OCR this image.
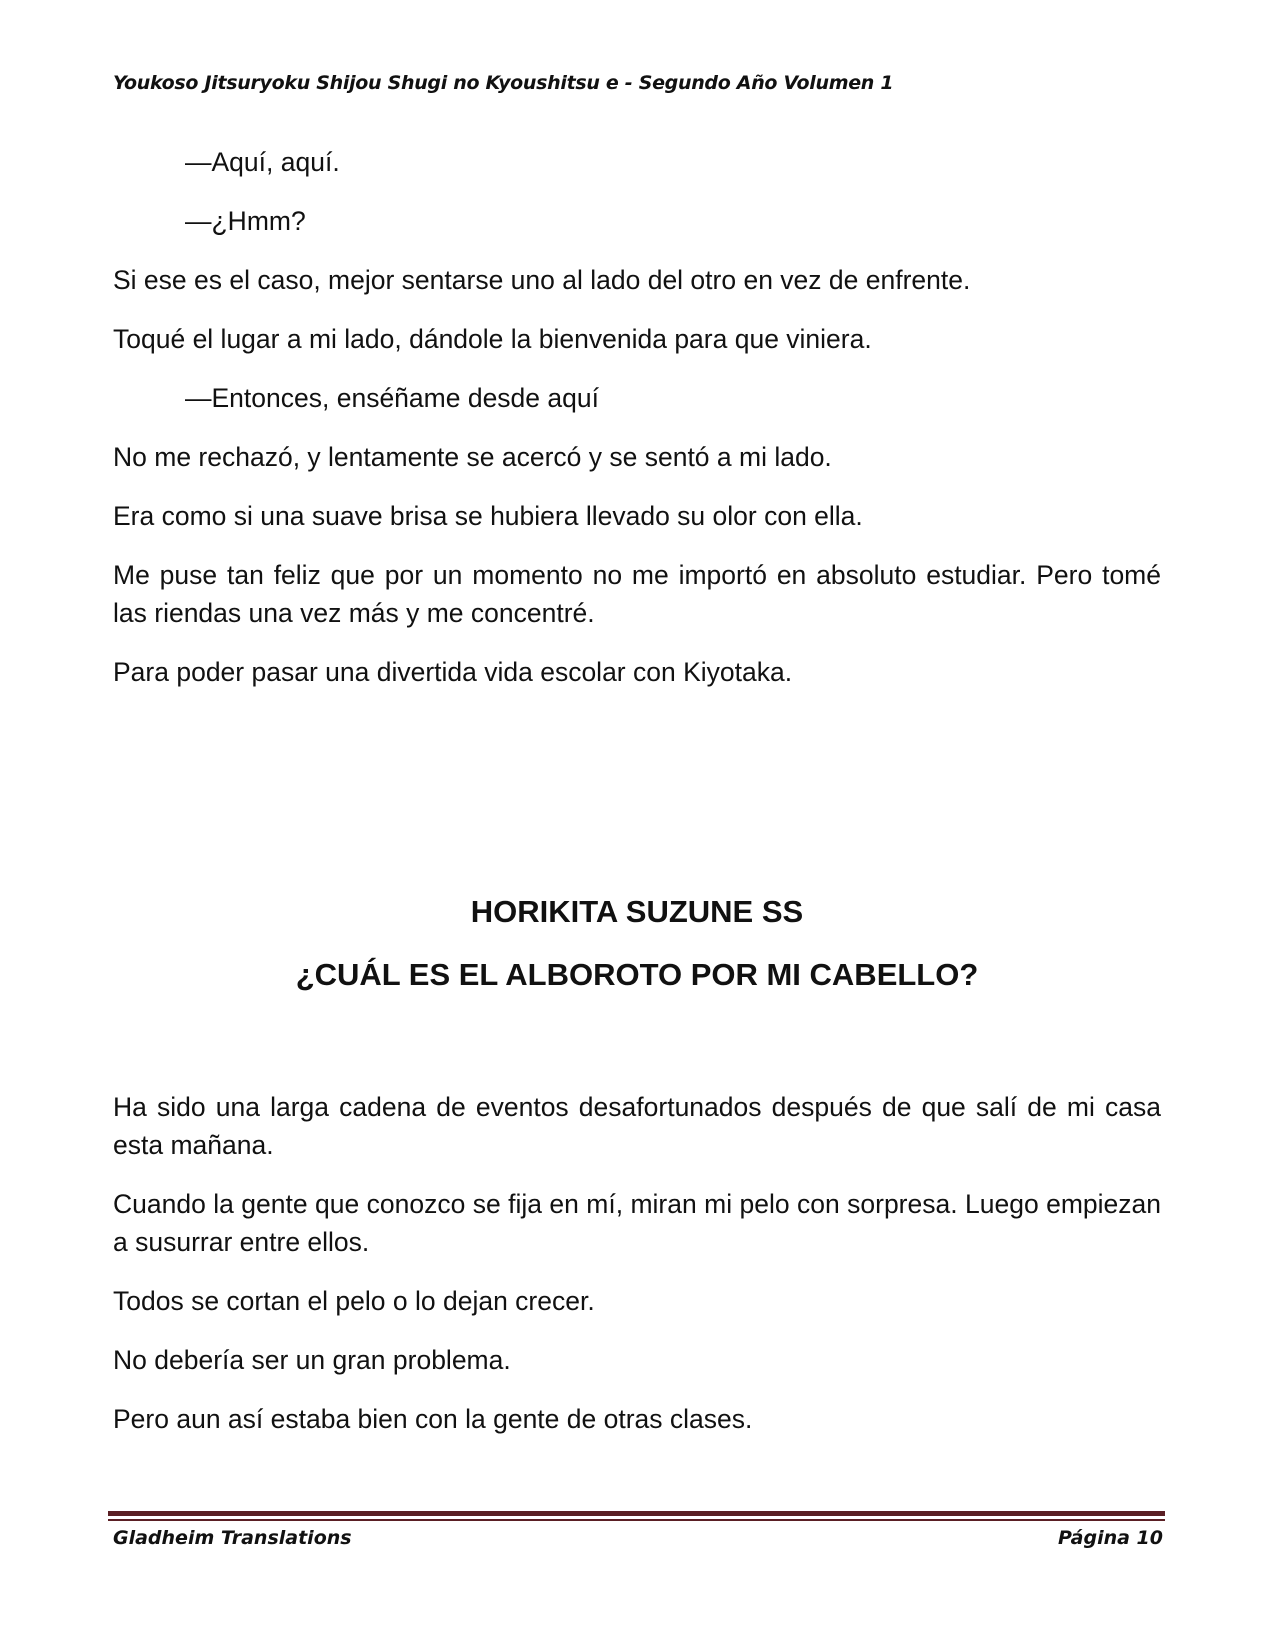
Youkoso Jitsuryoku Shijou Shugi no Kyoushitsu e - Segundo Año Volumen 1

—Aquí, aquí.

—¿Hmm?

Si ese es el caso, mejor sentarse uno al lado del otro en vez de enfrente.

Toqué el lugar a mi lado, dándole la bienvenida para que viniera.

—Entonces, enséñame desde aquí

No me rechazó, y lentamente se acercó y se sentó a mi lado.

Era como si una suave brisa se hubiera llevado su olor con ella.

Me puse tan feliz que por un momento no me importó en absoluto estudiar. Pero tomé las riendas una vez más y me concentré.

Para poder pasar una divertida vida escolar con Kiyotaka.

HORIKITA SUZUNE SS
¿CUÁL ES EL ALBOROTO POR MI CABELLO?

Ha sido una larga cadena de eventos desafortunados después de que salí de mi casa esta mañana.

Cuando la gente que conozco se fija en mí, miran mi pelo con sorpresa. Luego empiezan a susurrar entre ellos.

Todos se cortan el pelo o lo dejan crecer.

No debería ser un gran problema.

Pero aun así estaba bien con la gente de otras clases.

Gladheim Translations	Página 10
